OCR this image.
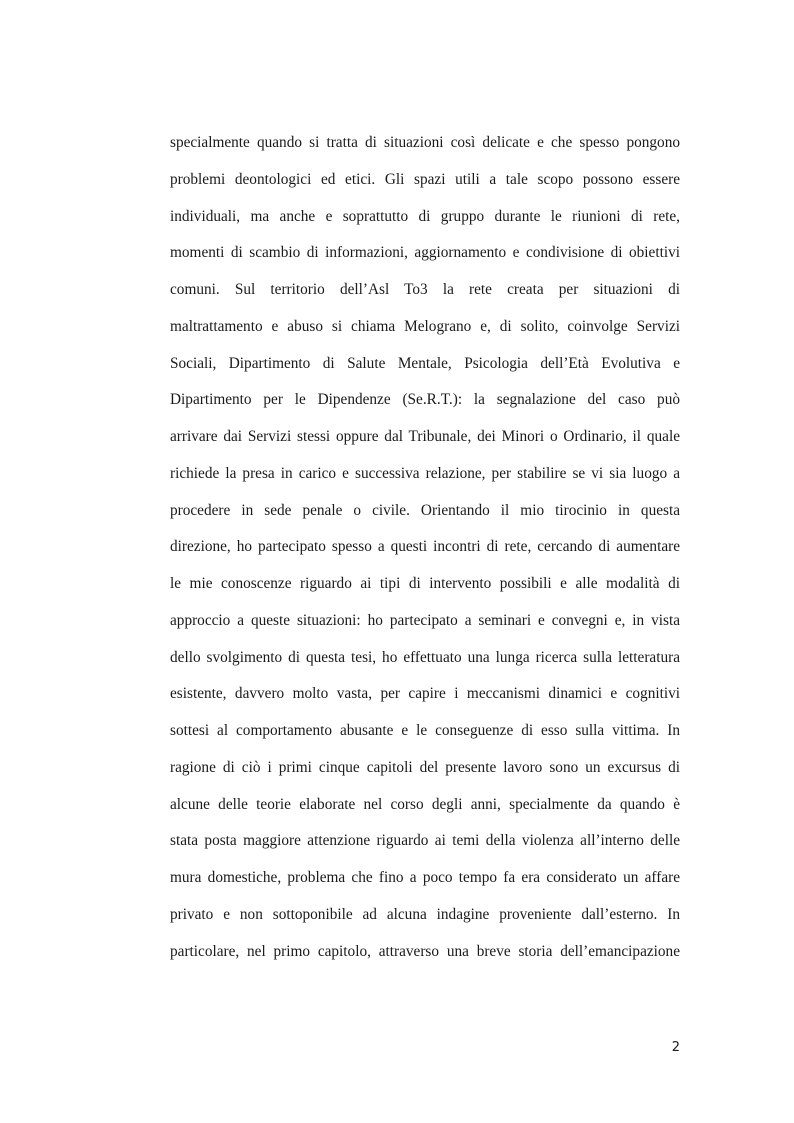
specialmente quando si tratta di situazioni così delicate e che spesso pongono
problemi deontologici ed etici. Gli spazi utili a tale scopo possono essere
individuali, ma anche e soprattutto di gruppo durante le riunioni di rete,
momenti di scambio di informazioni, aggiornamento e condivisione di obiettivi
comuni. Sul territorio dell’Asl To3 la rete creata per situazioni di
maltrattamento e abuso si chiama Melograno e, di solito, coinvolge Servizi
Sociali, Dipartimento di Salute Mentale, Psicologia dell’Età Evolutiva e
Dipartimento per le Dipendenze (Se.R.T.): la segnalazione del caso può
arrivare dai Servizi stessi oppure dal Tribunale, dei Minori o Ordinario, il quale
richiede la presa in carico e successiva relazione, per stabilire se vi sia luogo a
procedere in sede penale o civile. Orientando il mio tirocinio in questa
direzione, ho partecipato spesso a questi incontri di rete, cercando di aumentare
le mie conoscenze riguardo ai tipi di intervento possibili e alle modalità di
approccio a queste situazioni: ho partecipato a seminari e convegni e, in vista
dello svolgimento di questa tesi, ho effettuato una lunga ricerca sulla letteratura
esistente, davvero molto vasta, per capire i meccanismi dinamici e cognitivi
sottesi al comportamento abusante e le conseguenze di esso sulla vittima. In
ragione di ciò i primi cinque capitoli del presente lavoro sono un excursus di
alcune delle teorie elaborate nel corso degli anni, specialmente da quando è
stata posta maggiore attenzione riguardo ai temi della violenza all’interno delle
mura domestiche, problema che fino a poco tempo fa era considerato un affare
privato e non sottoponibile ad alcuna indagine proveniente dall’esterno. In
particolare, nel primo capitolo, attraverso una breve storia dell’emancipazione
2
